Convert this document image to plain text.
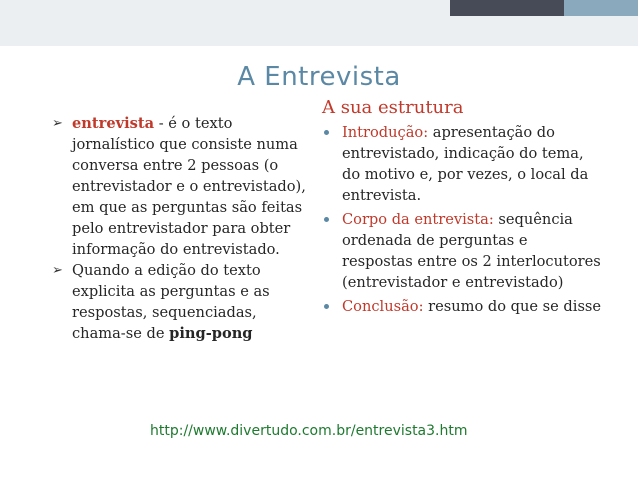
A Entrevista
➢ entrevista - é o texto jornalístico que consiste numa conversa entre 2 pessoas (o entrevistador e o entrevistado), em que as perguntas são feitas pelo entrevistador para obter informação do entrevistado.
➢ Quando a edição do texto explicita as perguntas e as respostas, sequenciadas, chama-se de ping-pong
A sua estrutura
Introdução: apresentação do entrevistado, indicação do tema, do motivo e, por vezes, o local da entrevista.
Corpo da entrevista: sequência ordenada de perguntas e respostas entre os 2 interlocutores (entrevistador e entrevistado)
Conclusão: resumo do que se disse
http://www.divertudo.com.br/entrevista3.htm
